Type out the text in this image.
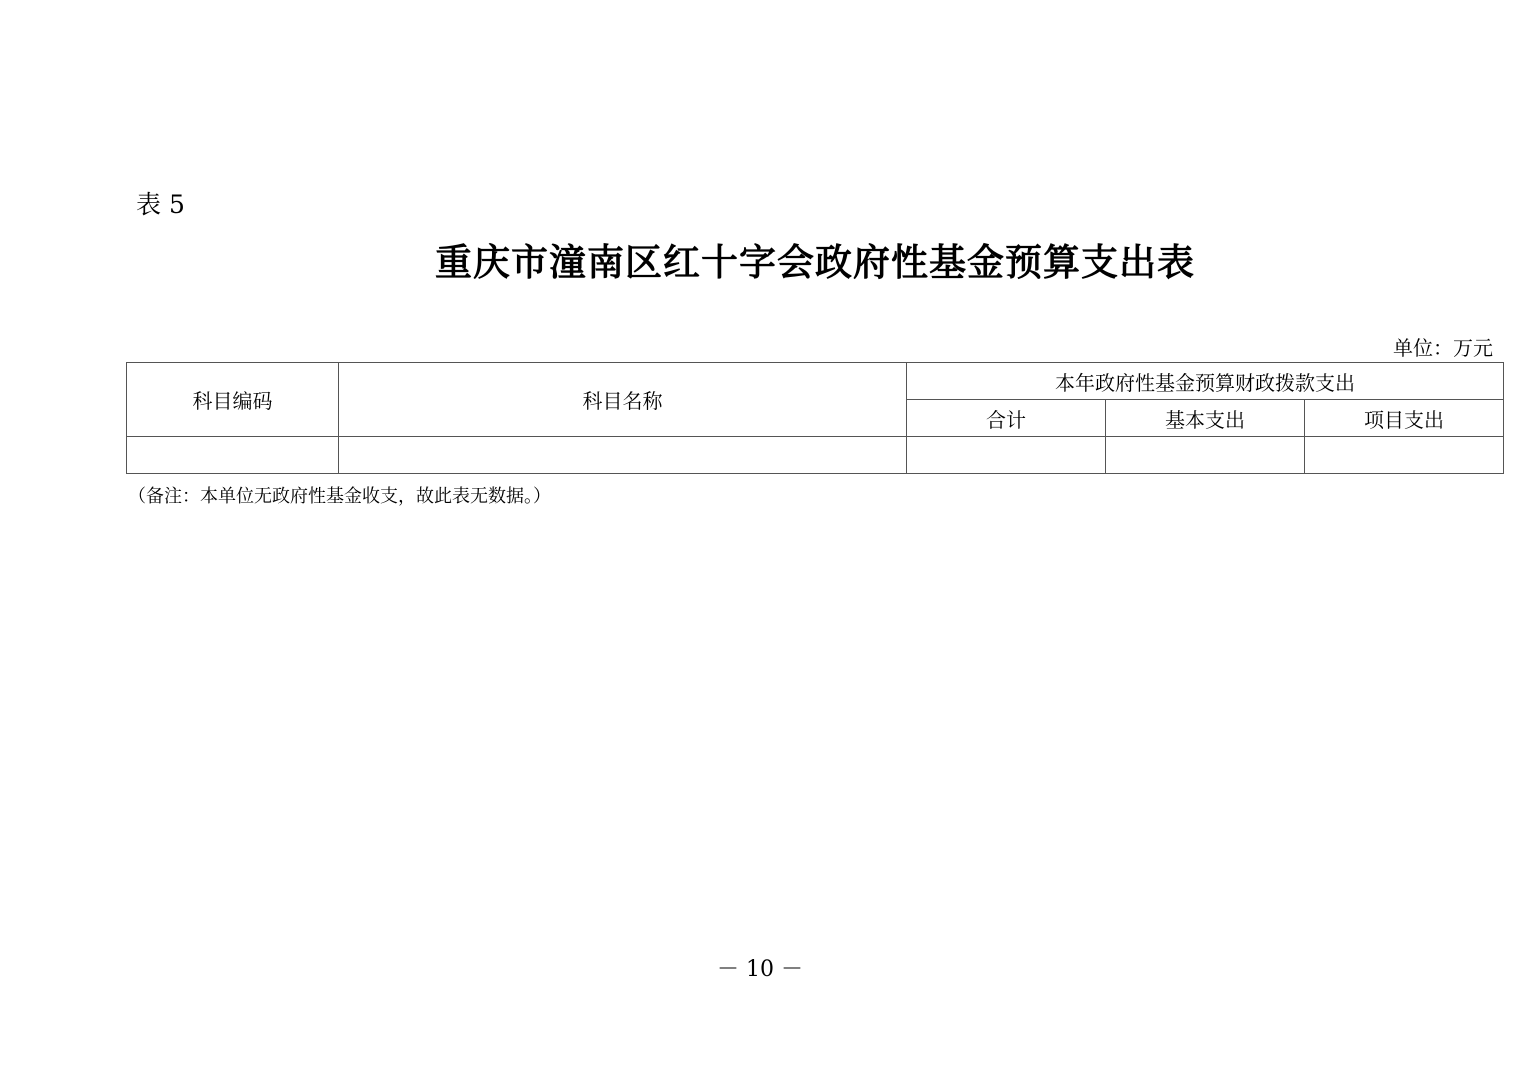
表 5
重庆市潼南区红十字会政府性基金预算支出表
单位：万元
科目编码	科目名称	本年政府性基金预算财政拨款支出		
		合计	基本支出	项目支出

（备注：本单位无政府性基金收支，故此表无数据。）
－ 10 －
